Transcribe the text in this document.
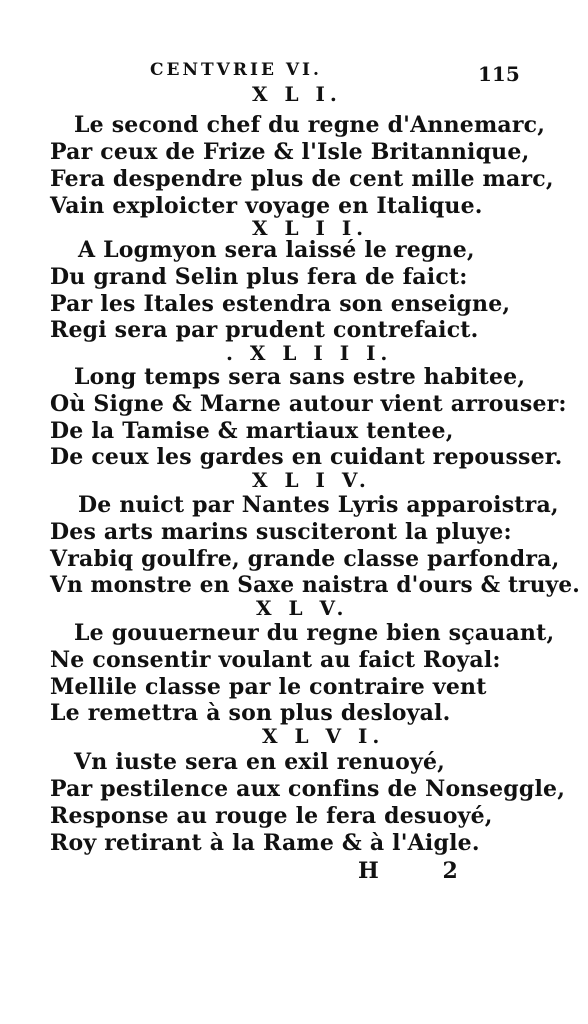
CENTVRIE VI.	115
X L I.
Le second chef du regne d'Annemarc,
Par ceux de Frize & l'Isle Britannique,
Fera despendre plus de cent mille marc,
Vain exploicter voyage en Italique.
X L I I.
A Logmyon sera laissé le regne,
Du grand Selin plus fera de faict:
Par les Itales estendra son enseigne,
Regi sera par prudent contrefaict.
. X L I I I.
Long temps sera sans estre habitee,
Où Signe & Marne autour vient arrouser:
De la Tamise & martiaux tentee,
De ceux les gardes en cuidant repousser.
X L I V.
De nuict par Nantes Lyris apparoistra,
Des arts marins susciteront la pluye:
Vrabiq goulfre, grande classe parfondra,
Vn monstre en Saxe naistra d'ours & truye.
X L V.
Le gouuerneur du regne bien sçauant,
Ne consentir voulant au faict Royal:
Mellile classe par le contraire vent
Le remettra à son plus desloyal.
X L V I.
Vn iuste sera en exil renuoyé,
Par pestilence aux confins de Nonseggle,
Response au rouge le fera desuoyé,
Roy retirant à la Rame & à l'Aigle.
H 2
